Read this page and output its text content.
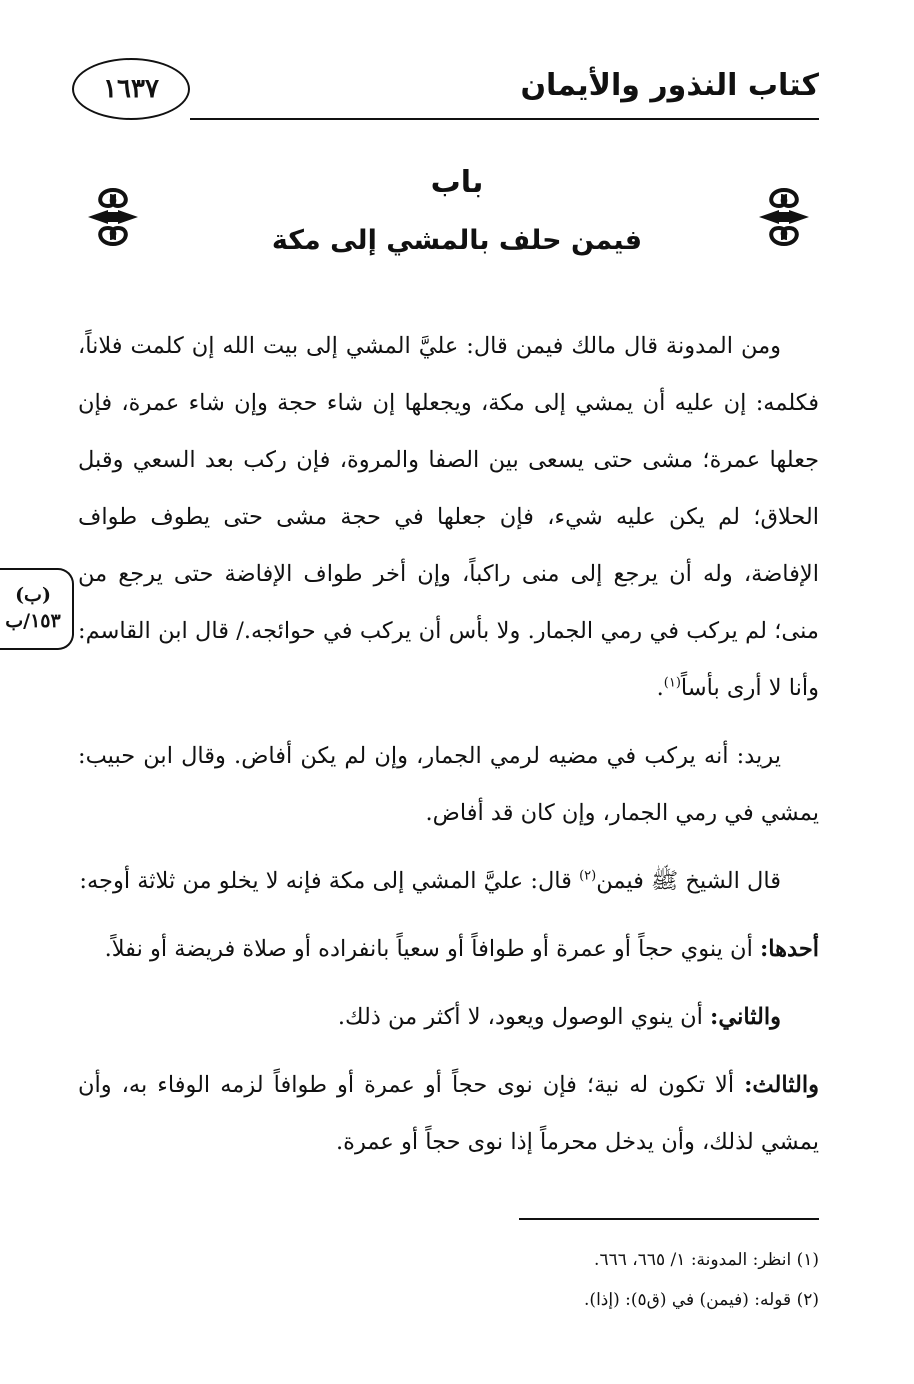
كتاب النذور والأيمان
١٦٣٧
باب
فيمن حلف بالمشي إلى مكة
(ب)
١٥٣/ب

ومن المدونة قال مالك فيمن قال: عليَّ المشي إلى بيت الله إن كلمت فلاناً، فكلمه: إن عليه أن يمشي إلى مكة، ويجعلها إن شاء حجة وإن شاء عمرة، فإن جعلها عمرة؛ مشى حتى يسعى بين الصفا والمروة، فإن ركب بعد السعي وقبل الحلاق؛ لم يكن عليه شيء، فإن جعلها في حجة مشى حتى يطوف طواف الإفاضة، وله أن يرجع إلى منى راكباً، وإن أخر طواف الإفاضة حتى يرجع من منى؛ لم يركب في رمي الجمار. ولا بأس أن يركب في حوائجه./ قال ابن القاسم: وأنا لا أرى بأساً$^{(١)}$.

يريد: أنه يركب في مضيه لرمي الجمار، وإن لم يكن أفاض. وقال ابن حبيب: يمشي في رمي الجمار، وإن كان قد أفاض.

قال الشيخ ﷺ فيمن$^{(٢)}$ قال: عليَّ المشي إلى مكة فإنه لا يخلو من ثلاثة أوجه:

أحدها: أن ينوي حجاً أو عمرة أو طوافاً أو سعياً بانفراده أو صلاة فريضة أو نفلاً.

والثاني: أن ينوي الوصول ويعود، لا أكثر من ذلك.

والثالث: ألا تكون له نية؛ فإن نوى حجاً أو عمرة أو طوافاً لزمه الوفاء به، وأن يمشي لذلك، وأن يدخل محرماً إذا نوى حجاً أو عمرة.

(١) انظر: المدونة: ١/ ٦٦٥، ٦٦٦.

(٢) قوله: (فيمن) في (ق٥): (إذا).
